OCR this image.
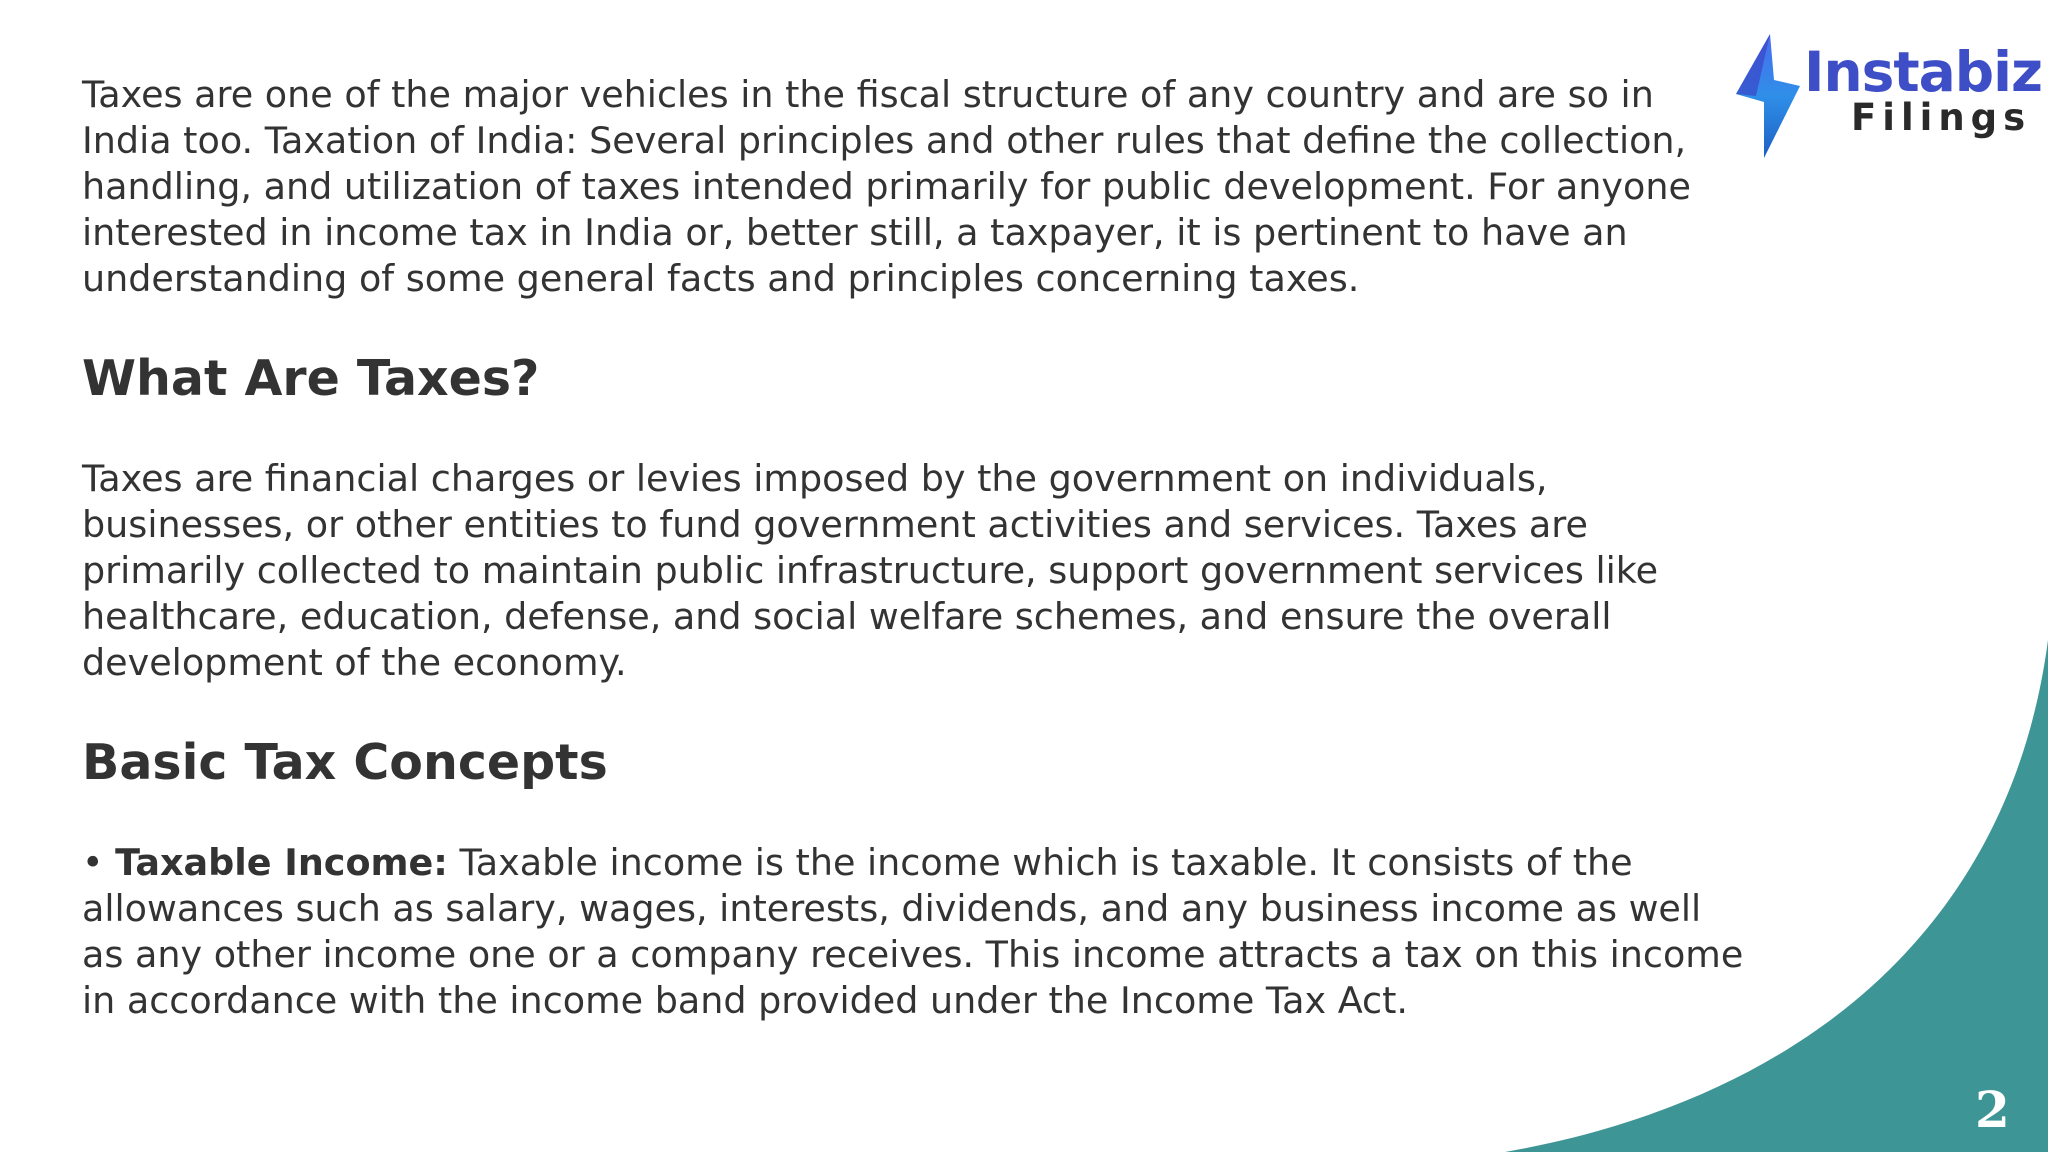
Taxes are one of the major vehicles in the fiscal structure of any country and are so in India too. Taxation of India: Several principles and other rules that define the collection, handling, and utilization of taxes intended primarily for public development. For anyone interested in income tax in India or, better still, a taxpayer, it is pertinent to have an understanding of some general facts and principles concerning taxes.

What Are Taxes?

Taxes are financial charges or levies imposed by the government on individuals, businesses, or other entities to fund government activities and services. Taxes are primarily collected to maintain public infrastructure, support government services like healthcare, education, defense, and social welfare schemes, and ensure the overall development of the economy.

Basic Tax Concepts

• Taxable Income: Taxable income is the income which is taxable. It consists of the allowances such as salary, wages, interests, dividends, and any business income as well as any other income one or a company receives. This income attracts a tax on this income in accordance with the income band provided under the Income Tax Act.

Instabiz
Filings
2
